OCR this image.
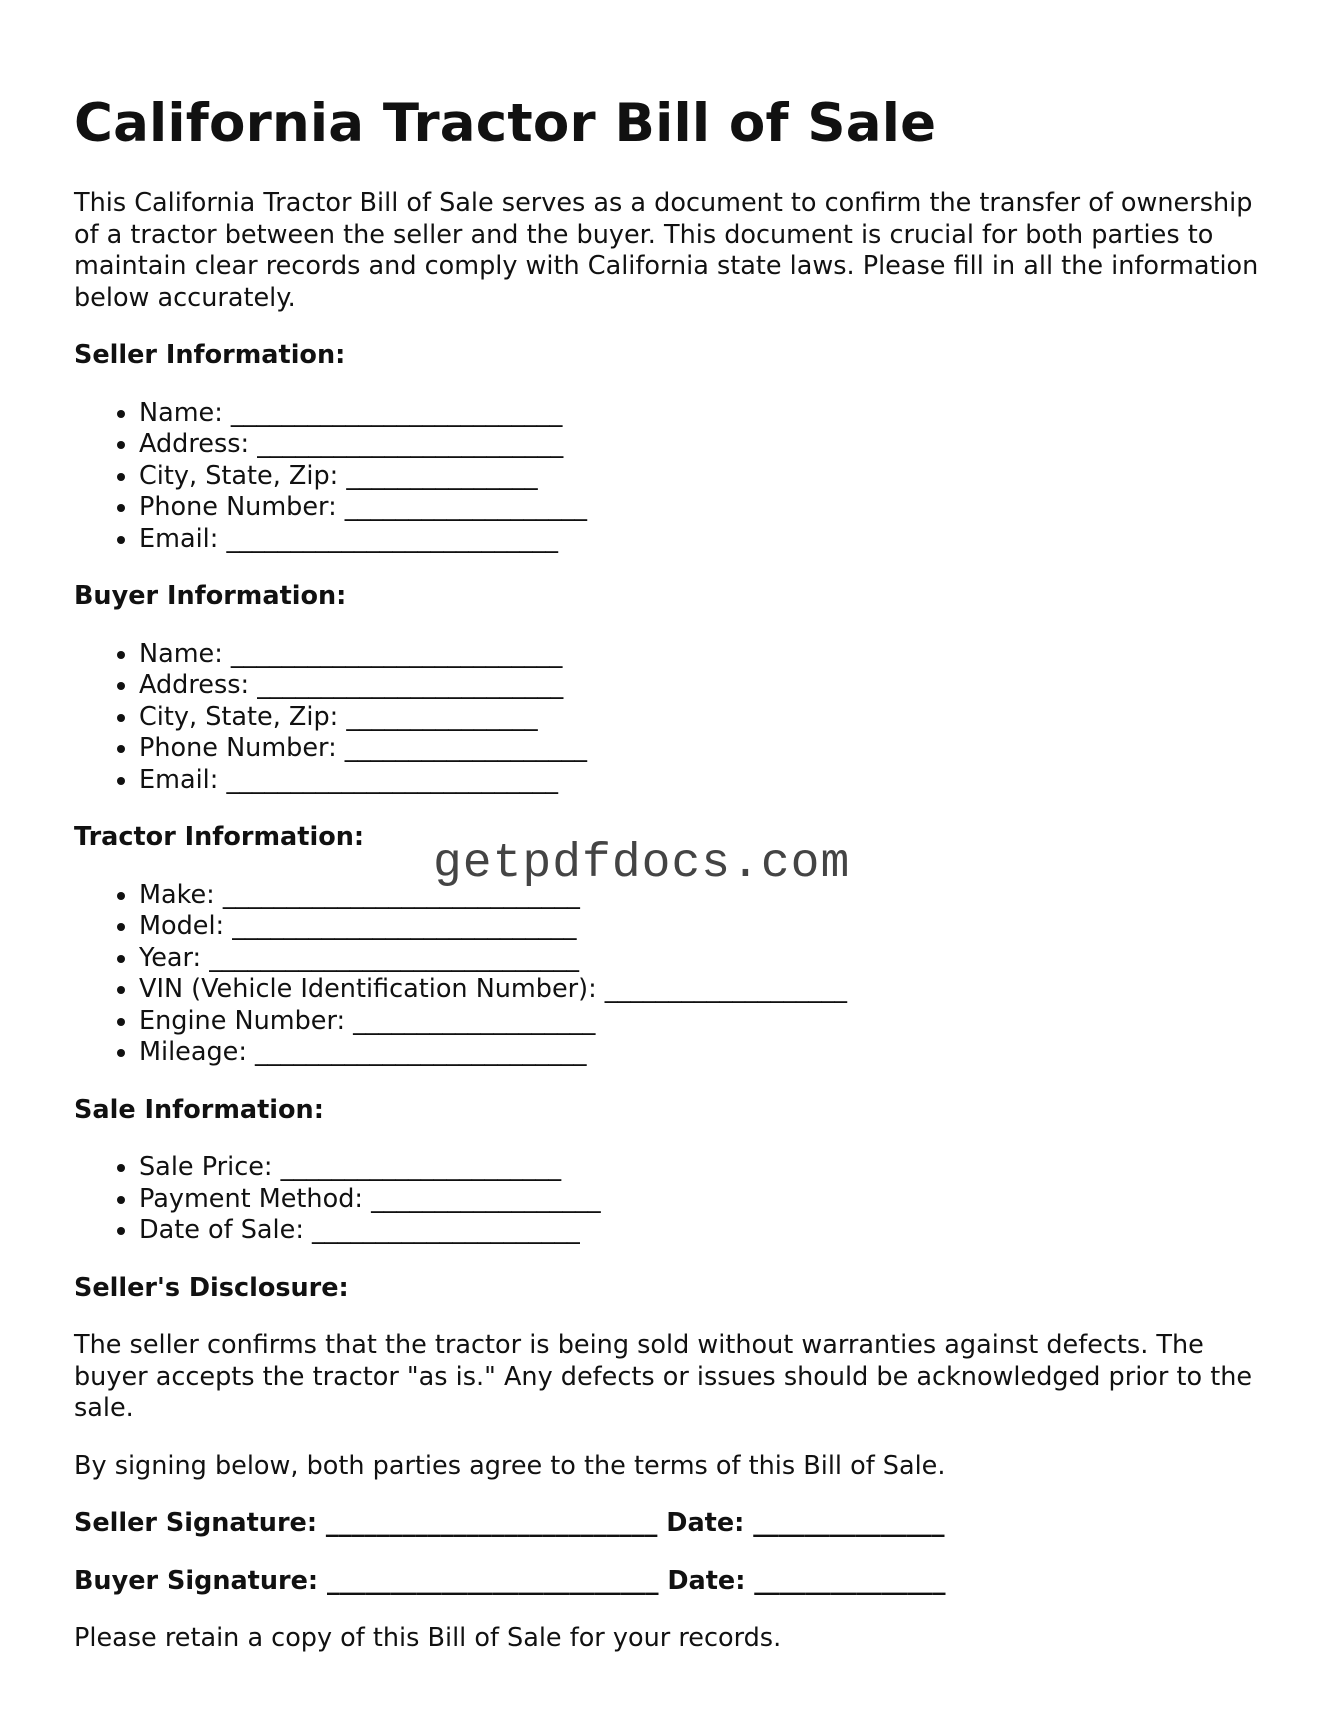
California Tractor Bill of Sale

This California Tractor Bill of Sale serves as a document to confirm the transfer of ownership of a tractor between the seller and the buyer. This document is crucial for both parties to maintain clear records and comply with California state laws. Please fill in all the information below accurately.

Seller Information:

• Name: __________________________
• Address: ________________________
• City, State, Zip: _______________
• Phone Number: ___________________
• Email: __________________________

Buyer Information:

• Name: __________________________
• Address: ________________________
• City, State, Zip: _______________
• Phone Number: ___________________
• Email: __________________________

Tractor Information:

• Make: ____________________________
• Model: ___________________________
• Year: _____________________________
• VIN (Vehicle Identification Number): ___________________
• Engine Number: ___________________
• Mileage: __________________________

Sale Information:

• Sale Price: ______________________
• Payment Method: __________________
• Date of Sale: _____________________

Seller's Disclosure:

The seller confirms that the tractor is being sold without warranties against defects. The buyer accepts the tractor "as is." Any defects or issues should be acknowledged prior to the sale.

By signing below, both parties agree to the terms of this Bill of Sale.

Seller Signature: __________________________ Date: _______________

Buyer Signature: __________________________ Date: _______________

Please retain a copy of this Bill of Sale for your records.

getpdfdocs.com
